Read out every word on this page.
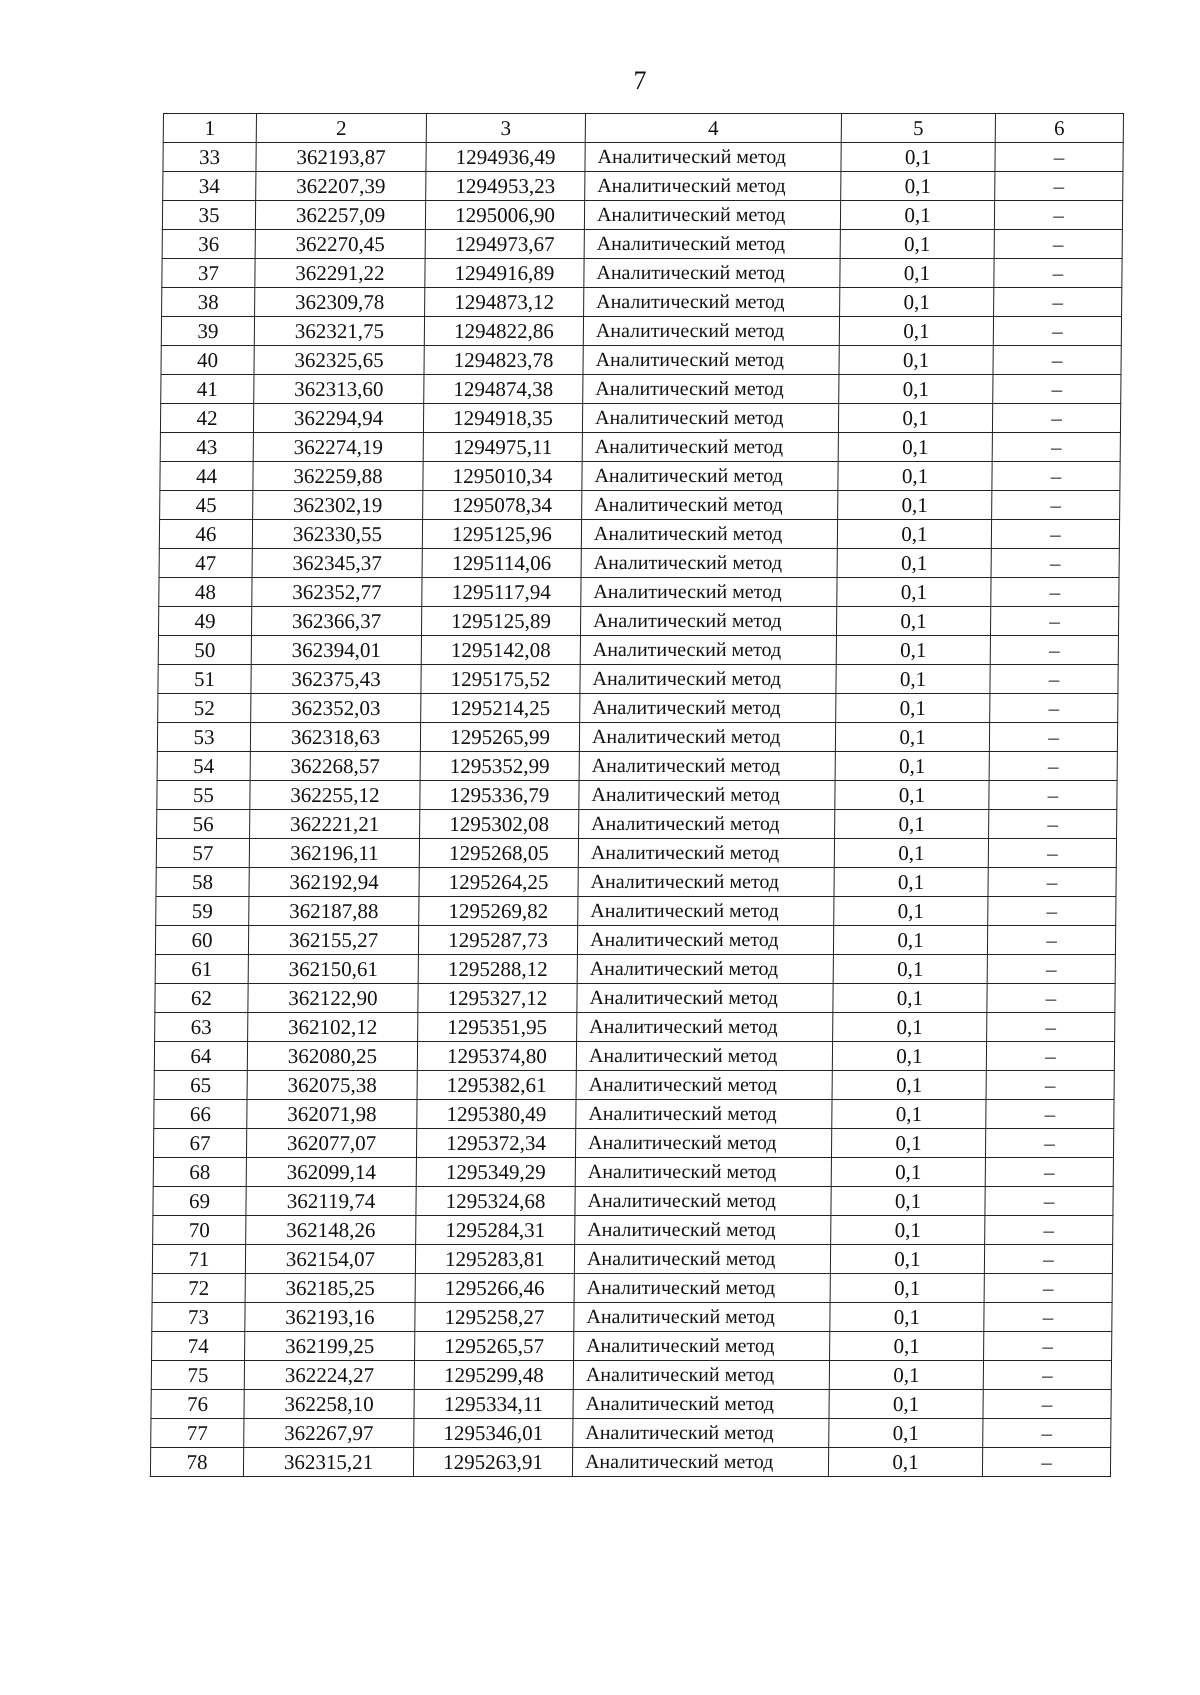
7
1	2	3	4	5	6
33	362193,87	1294936,49	Аналитический метод	0,1	–
34	362207,39	1294953,23	Аналитический метод	0,1	–
35	362257,09	1295006,90	Аналитический метод	0,1	–
36	362270,45	1294973,67	Аналитический метод	0,1	–
37	362291,22	1294916,89	Аналитический метод	0,1	–
38	362309,78	1294873,12	Аналитический метод	0,1	–
39	362321,75	1294822,86	Аналитический метод	0,1	–
40	362325,65	1294823,78	Аналитический метод	0,1	–
41	362313,60	1294874,38	Аналитический метод	0,1	–
42	362294,94	1294918,35	Аналитический метод	0,1	–
43	362274,19	1294975,11	Аналитический метод	0,1	–
44	362259,88	1295010,34	Аналитический метод	0,1	–
45	362302,19	1295078,34	Аналитический метод	0,1	–
46	362330,55	1295125,96	Аналитический метод	0,1	–
47	362345,37	1295114,06	Аналитический метод	0,1	–
48	362352,77	1295117,94	Аналитический метод	0,1	–
49	362366,37	1295125,89	Аналитический метод	0,1	–
50	362394,01	1295142,08	Аналитический метод	0,1	–
51	362375,43	1295175,52	Аналитический метод	0,1	–
52	362352,03	1295214,25	Аналитический метод	0,1	–
53	362318,63	1295265,99	Аналитический метод	0,1	–
54	362268,57	1295352,99	Аналитический метод	0,1	–
55	362255,12	1295336,79	Аналитический метод	0,1	–
56	362221,21	1295302,08	Аналитический метод	0,1	–
57	362196,11	1295268,05	Аналитический метод	0,1	–
58	362192,94	1295264,25	Аналитический метод	0,1	–
59	362187,88	1295269,82	Аналитический метод	0,1	–
60	362155,27	1295287,73	Аналитический метод	0,1	–
61	362150,61	1295288,12	Аналитический метод	0,1	–
62	362122,90	1295327,12	Аналитический метод	0,1	–
63	362102,12	1295351,95	Аналитический метод	0,1	–
64	362080,25	1295374,80	Аналитический метод	0,1	–
65	362075,38	1295382,61	Аналитический метод	0,1	–
66	362071,98	1295380,49	Аналитический метод	0,1	–
67	362077,07	1295372,34	Аналитический метод	0,1	–
68	362099,14	1295349,29	Аналитический метод	0,1	–
69	362119,74	1295324,68	Аналитический метод	0,1	–
70	362148,26	1295284,31	Аналитический метод	0,1	–
71	362154,07	1295283,81	Аналитический метод	0,1	–
72	362185,25	1295266,46	Аналитический метод	0,1	–
73	362193,16	1295258,27	Аналитический метод	0,1	–
74	362199,25	1295265,57	Аналитический метод	0,1	–
75	362224,27	1295299,48	Аналитический метод	0,1	–
76	362258,10	1295334,11	Аналитический метод	0,1	–
77	362267,97	1295346,01	Аналитический метод	0,1	–
78	362315,21	1295263,91	Аналитический метод	0,1	–
